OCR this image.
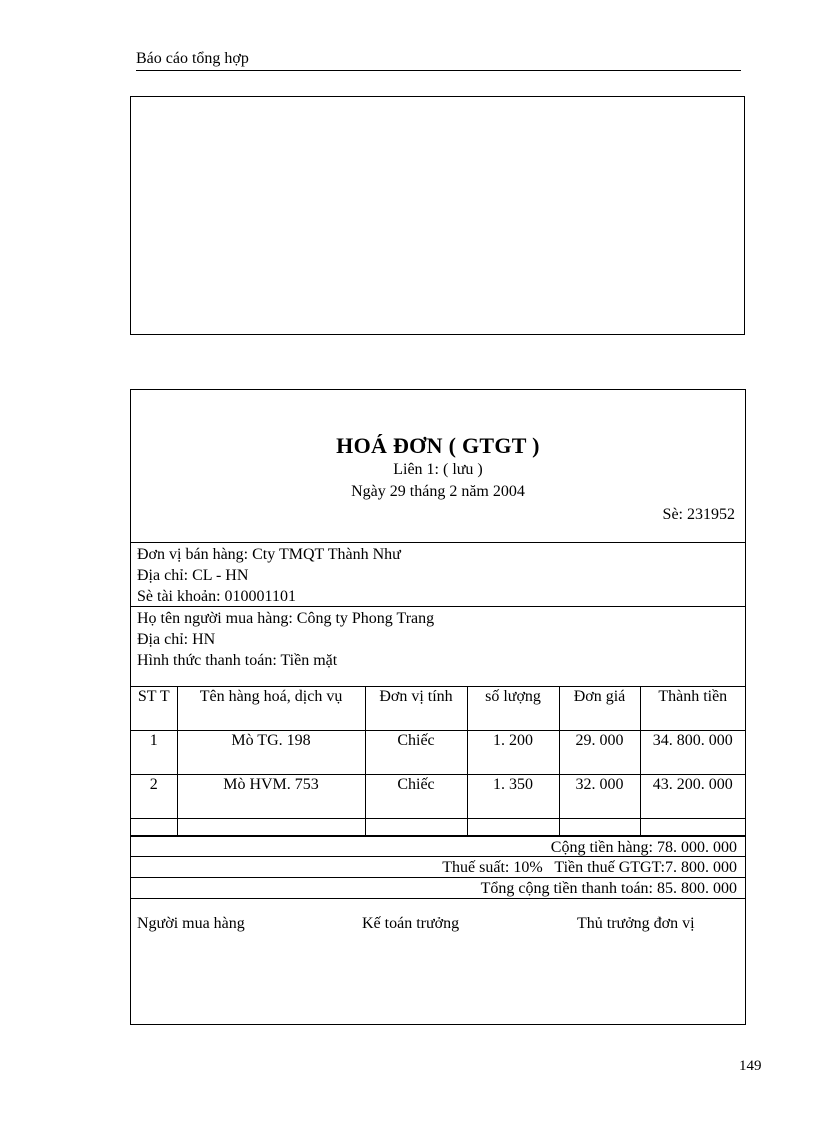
Báo cáo tổng hợp
HOÁ ĐƠN ( GTGT )
Liên 1: ( lưu )
Ngày 29 tháng 2 năm 2004
Sè: 231952
Đơn vị bán hàng: Cty TMQT Thành Như
Địa chỉ: CL - HN
Sè tài khoản: 010001101
Họ tên người mua hàng: Công ty Phong Trang
Địa chỉ: HN
Hình thức thanh toán: Tiền mặt
ST T	Tên hàng hoá, dịch vụ	Đơn vị tính	số lượng	Đơn giá	Thành tiền
1	Mò TG. 198	Chiếc	1. 200	29. 000	34. 800. 000
2	Mò HVM. 753	Chiếc	1. 350	32. 000	43. 200. 000

Cộng tiền hàng: 78. 000. 000
Thuế suất: 10%   Tiền thuế GTGT:7. 800. 000
Tổng cộng tiền thanh toán: 85. 800. 000
Người mua hàng	Kế toán trưởng	Thủ trưởng đơn vị
149
